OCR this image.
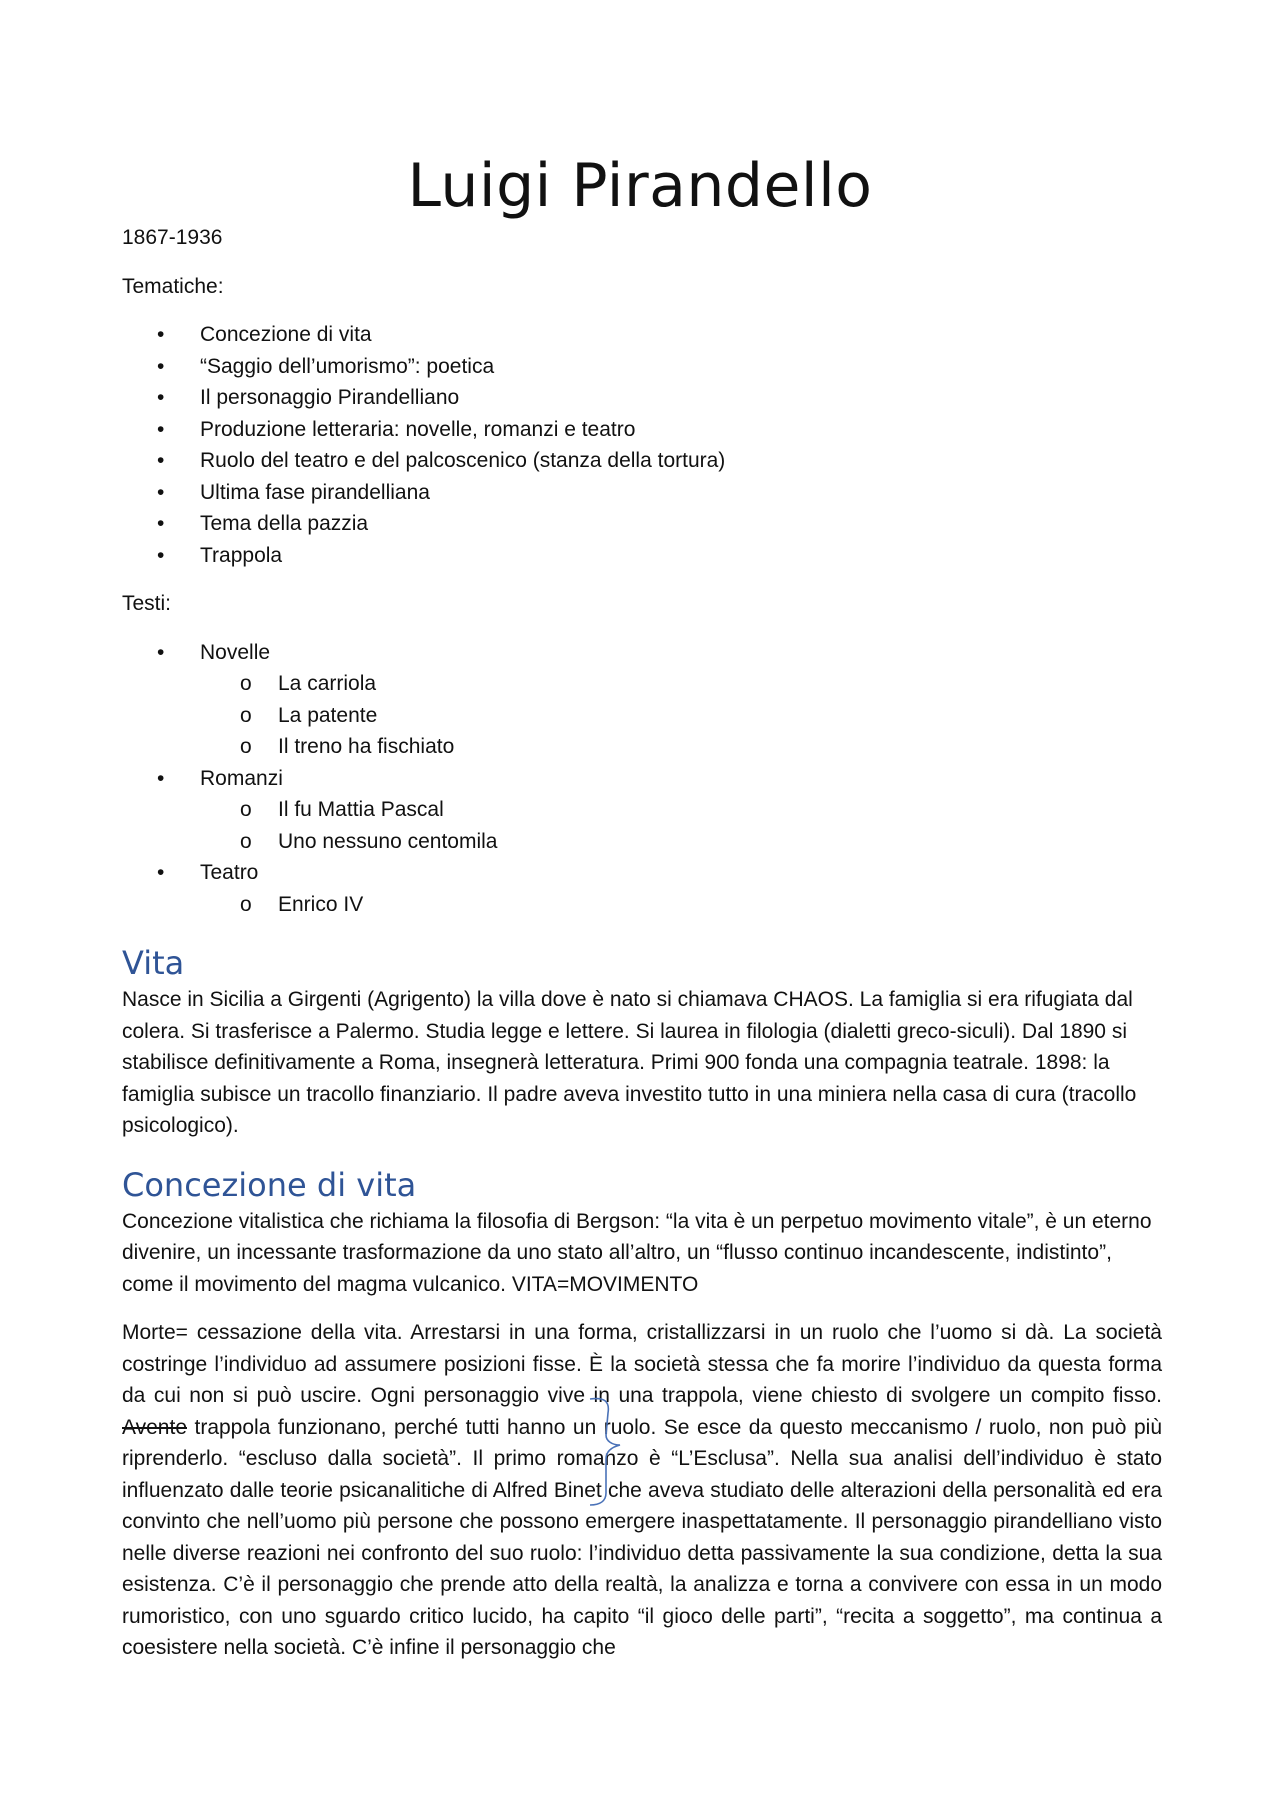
Luigi Pirandello

1867-1936

Tematiche:

• Concezione di vita
• “Saggio dell’umorismo”: poetica
• Il personaggio Pirandelliano
• Produzione letteraria: novelle, romanzi e teatro
• Ruolo del teatro e del palcoscenico (stanza della tortura)
• Ultima fase pirandelliana
• Tema della pazzia
• Trappola

Testi:

• Novelle
o La carriola
o La patente
o Il treno ha fischiato
• Romanzi
o Il fu Mattia Pascal
o Uno nessuno centomila
• Teatro
o Enrico IV
Vita

Nasce in Sicilia a Girgenti (Agrigento) la villa dove è nato si chiamava CHAOS. La famiglia si era rifugiata dal colera. Si trasferisce a Palermo. Studia legge e lettere. Si laurea in filologia (dialetti greco-siculi). Dal 1890 si stabilisce definitivamente a Roma, insegnerà letteratura. Primi 900 fonda una compagnia teatrale. 1898: la famiglia subisce un tracollo finanziario. Il padre aveva investito tutto in una miniera nella casa di cura (tracollo psicologico).

Concezione di vita

Concezione vitalistica che richiama la filosofia di Bergson: “la vita è un perpetuo movimento vitale”, è un eterno divenire, un incessante trasformazione da uno stato all’altro, un “flusso continuo incandescente, indistinto”, come il movimento del magma vulcanico. VITA=MOVIMENTO

Morte= cessazione della vita. Arrestarsi in una forma, cristallizzarsi in un ruolo che l’uomo si dà. La società costringe l’individuo ad assumere posizioni fisse. È la società stessa che fa morire l’individuo da questa forma da cui non si può uscire. Ogni personaggio vive in una trappola, viene chiesto di svolgere un compito fisso. Avente trappola funzionano, perché tutti hanno un ruolo. Se esce da questo meccanismo / ruolo, non può più riprenderlo. “escluso dalla società”. Il primo romanzo è “L’Esclusa”. Nella sua analisi dell’individuo è stato influenzato dalle teorie psicanalitiche di Alfred Binet che aveva studiato delle alterazioni della personalità ed era convinto che nell’uomo più persone che possono emergere inaspettatamente. Il personaggio pirandelliano visto nelle diverse reazioni nei confronto del suo ruolo: l’individuo detta passivamente la sua condizione, detta la sua esistenza. C’è il personaggio che prende atto della realtà, la analizza e torna a convivere con essa in un modo rumoristico, con uno sguardo critico lucido, ha capito “il gioco delle parti”, “recita a soggetto”, ma continua a coesistere nella società. C’è infine il personaggio che
